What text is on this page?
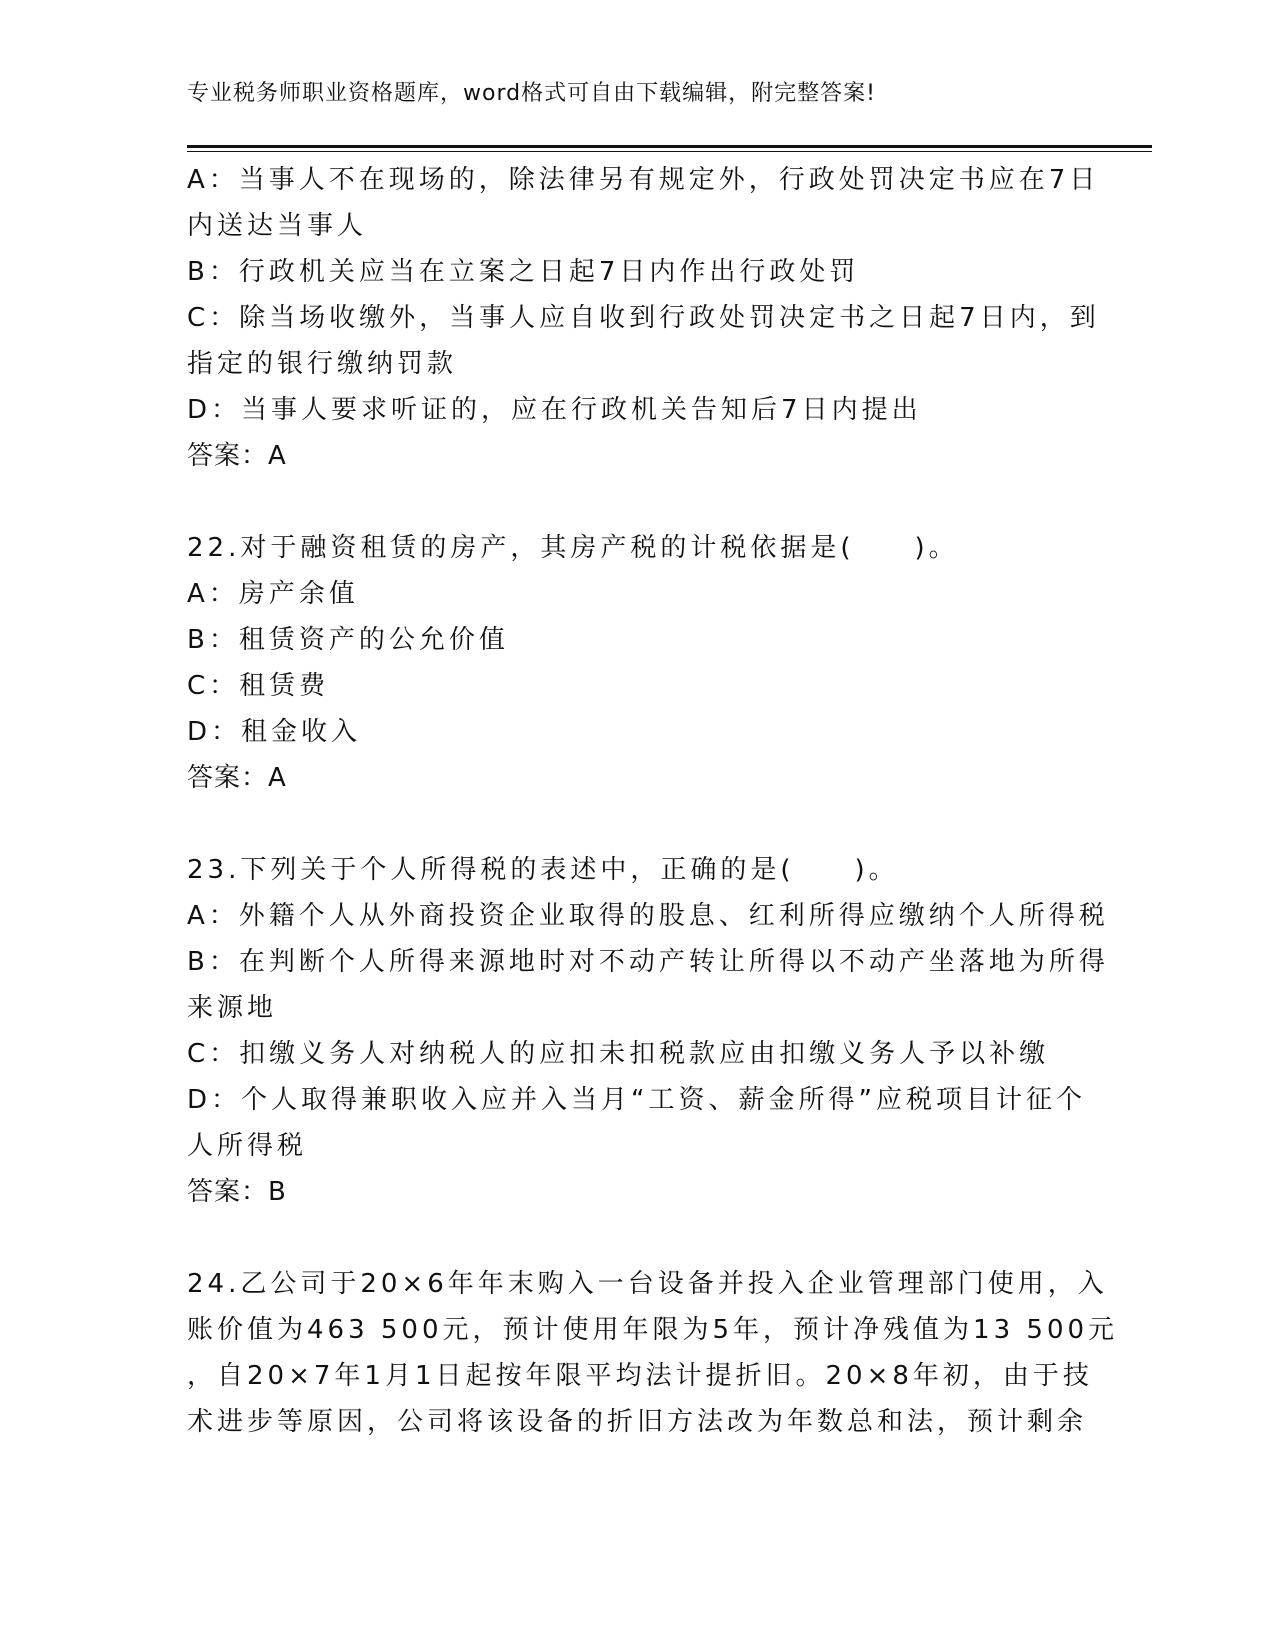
专业税务师职业资格题库，word格式可自由下载编辑，附完整答案!
A：当事人不在现场的，除法律另有规定外，行政处罚决定书应在7日
内送达当事人
B：行政机关应当在立案之日起7日内作出行政处罚
C：除当场收缴外，当事人应自收到行政处罚决定书之日起7日内，到
指定的银行缴纳罚款
D：当事人要求听证的，应在行政机关告知后7日内提出
答案：A
22.对于融资租赁的房产，其房产税的计税依据是(　　)。
A：房产余值
B：租赁资产的公允价值
C：租赁费
D：租金收入
答案：A
23.下列关于个人所得税的表述中，正确的是(　　)。
A：外籍个人从外商投资企业取得的股息、红利所得应缴纳个人所得税
B：在判断个人所得来源地时对不动产转让所得以不动产坐落地为所得
来源地
C：扣缴义务人对纳税人的应扣未扣税款应由扣缴义务人予以补缴
D：个人取得兼职收入应并入当月“工资、薪金所得”应税项目计征个
人所得税
答案：B
24.乙公司于20×6年年末购入一台设备并投入企业管理部门使用，入
账价值为463 500元，预计使用年限为5年，预计净残值为13 500元
，自20×7年1月1日起按年限平均法计提折旧。20×8年初，由于技
术进步等原因，公司将该设备的折旧方法改为年数总和法，预计剩余
